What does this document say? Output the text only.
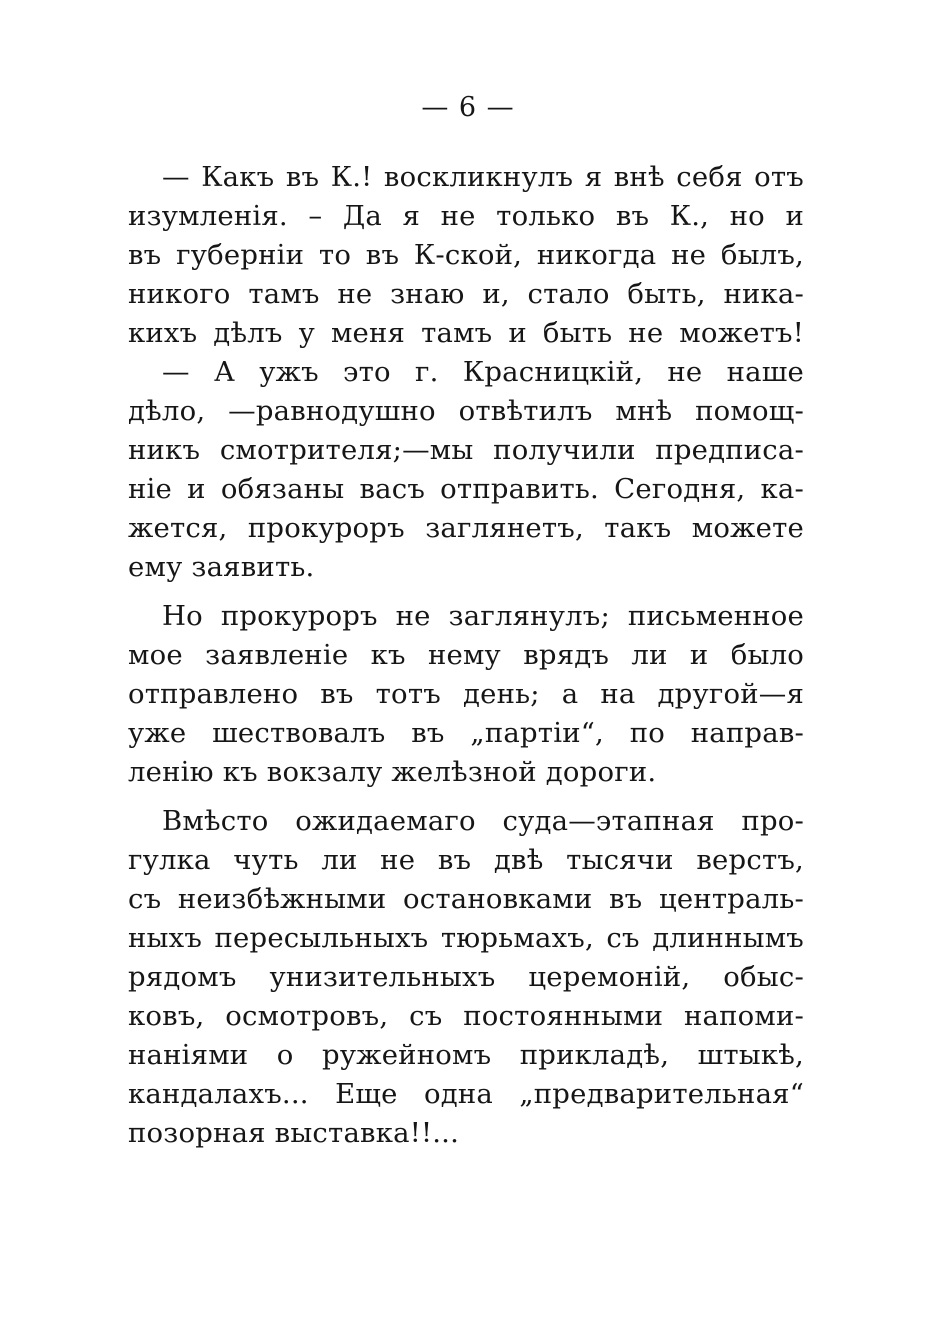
— 6 —
— Какъ въ К.! воскликнулъ я внѣ себя отъ
изумленія. – Да я не только въ К., но и
въ губерніи то въ К-ской, никогда не былъ,
никого тамъ не знаю и, стало быть, никa-
кихъ дѣлъ у меня тамъ и быть не можетъ!
— А ужъ это г. Красницкій, не наше
дѣло, —равнодушно отвѣтилъ мнѣ помощ-
никъ смотрителя;—мы получили предписа-
ніе и обязаны васъ отправить. Сегодня, ка-
жется, прокуроръ заглянетъ, такъ можете
ему заявить.
Но прокуроръ не заглянулъ; письменное
мое заявленіе къ нему врядъ ли и было
отправлено въ тотъ день; а на другой—я
уже шествовалъ въ „партіи“, по направ-
ленію къ вокзалу желѣзной дороги.
Вмѣсто ожидаемаго суда—этапная про-
гулка чуть ли не въ двѣ тысячи верстъ,
съ неизбѣжными остановками въ централь-
ныхъ пересыльныхъ тюрьмахъ, съ длиннымъ
рядомъ унизительныхъ церемоній, обыс-
ковъ, осмотровъ, съ постоянными напоми-
наніями о ружейномъ прикладѣ, штыкѣ,
кандалахъ... Еще одна „предварительная“
позорная выставка!!...
